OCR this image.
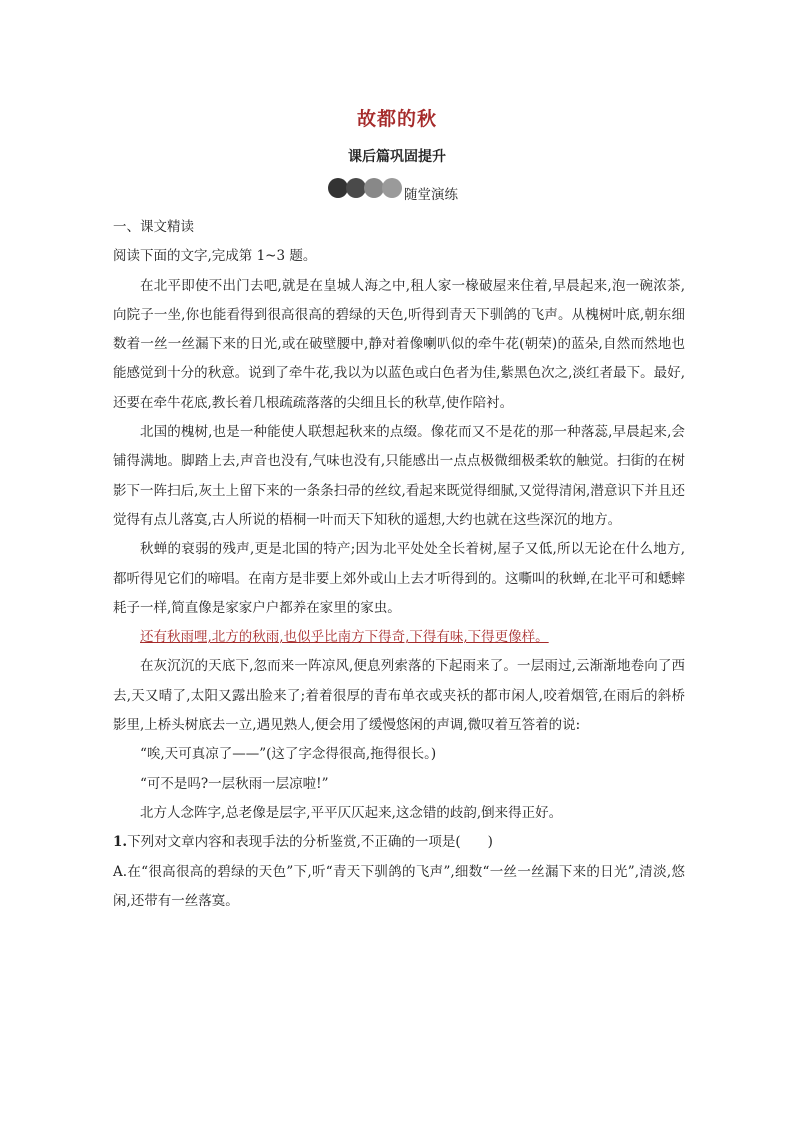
故都的秋
课后篇巩固提升
随堂演练

一、课文精读

阅读下面的文字,完成第 1~3 题。

在北平即使不出门去吧,就是在皇城人海之中,租人家一椽破屋来住着,早晨起来,泡一碗浓茶,向院子一坐,你也能看得到很高很高的碧绿的天色,听得到青天下驯鸽的飞声。从槐树叶底,朝东细数着一丝一丝漏下来的日光,或在破壁腰中,静对着像喇叭似的牵牛花(朝荣)的蓝朵,自然而然地也能感觉到十分的秋意。说到了牵牛花,我以为以蓝色或白色者为佳,紫黑色次之,淡红者最下。最好,还要在牵牛花底,教长着几根疏疏落落的尖细且长的秋草,使作陪衬。

北国的槐树,也是一种能使人联想起秋来的点缀。像花而又不是花的那一种落蕊,早晨起来,会铺得满地。脚踏上去,声音也没有,气味也没有,只能感出一点点极微细极柔软的触觉。扫街的在树影下一阵扫后,灰土上留下来的一条条扫帚的丝纹,看起来既觉得细腻,又觉得清闲,潜意识下并且还觉得有点儿落寞,古人所说的梧桐一叶而天下知秋的遥想,大约也就在这些深沉的地方。

秋蝉的衰弱的残声,更是北国的特产;因为北平处处全长着树,屋子又低,所以无论在什么地方,都听得见它们的啼唱。在南方是非要上郊外或山上去才听得到的。这嘶叫的秋蝉,在北平可和蟋蟀耗子一样,简直像是家家户户都养在家里的家虫。

还有秋雨哩,北方的秋雨,也似乎比南方下得奇,下得有味,下得更像样。

在灰沉沉的天底下,忽而来一阵凉风,便息列索落的下起雨来了。一层雨过,云渐渐地卷向了西去,天又晴了,太阳又露出脸来了;着着很厚的青布单衣或夹袄的都市闲人,咬着烟管,在雨后的斜桥影里,上桥头树底去一立,遇见熟人,便会用了缓慢悠闲的声调,微叹着互答着的说:

“唉,天可真凉了——”(这了字念得很高,拖得很长。)

“可不是吗?一层秋雨一层凉啦!”

北方人念阵字,总老像是层字,平平仄仄起来,这念错的歧韵,倒来得正好。

1.下列对文章内容和表现手法的分析鉴赏,不正确的一项是(　　)

A.在“很高很高的碧绿的天色”下,听“青天下驯鸽的飞声”,细数“一丝一丝漏下来的日光”,清淡,悠闲,还带有一丝落寞。
